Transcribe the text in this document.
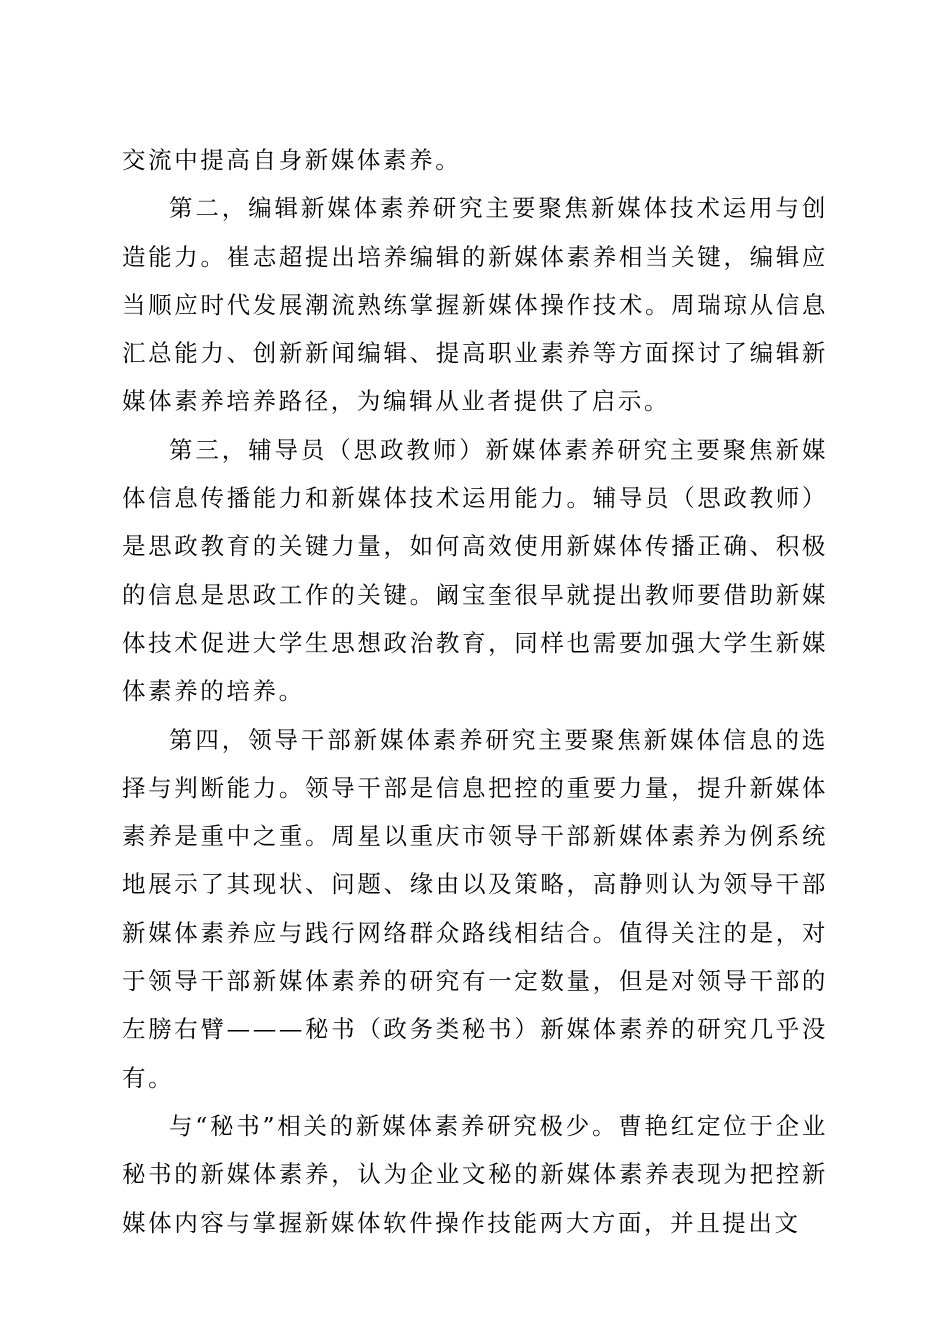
交流中提高自身新媒体素养。

第二，编辑新媒体素养研究主要聚焦新媒体技术运用与创造能力。崔志超提出培养编辑的新媒体素养相当关键，编辑应当顺应时代发展潮流熟练掌握新媒体操作技术。周瑞琼从信息汇总能力、创新新闻编辑、提高职业素养等方面探讨了编辑新媒体素养培养路径，为编辑从业者提供了启示。

第三，辅导员（思政教师）新媒体素养研究主要聚焦新媒体信息传播能力和新媒体技术运用能力。辅导员（思政教师）是思政教育的关键力量，如何高效使用新媒体传播正确、积极的信息是思政工作的关键。阚宝奎很早就提出教师要借助新媒体技术促进大学生思想政治教育，同样也需要加强大学生新媒体素养的培养。

第四，领导干部新媒体素养研究主要聚焦新媒体信息的选择与判断能力。领导干部是信息把控的重要力量，提升新媒体素养是重中之重。周星以重庆市领导干部新媒体素养为例系统地展示了其现状、问题、缘由以及策略，高静则认为领导干部新媒体素养应与践行网络群众路线相结合。值得关注的是，对于领导干部新媒体素养的研究有一定数量，但是对领导干部的左膀右臂———秘书（政务类秘书）新媒体素养的研究几乎没有。

与“秘书”相关的新媒体素养研究极少。曹艳红定位于企业秘书的新媒体素养，认为企业文秘的新媒体素养表现为把控新媒体内容与掌握新媒体软件操作技能两大方面，并且提出文
